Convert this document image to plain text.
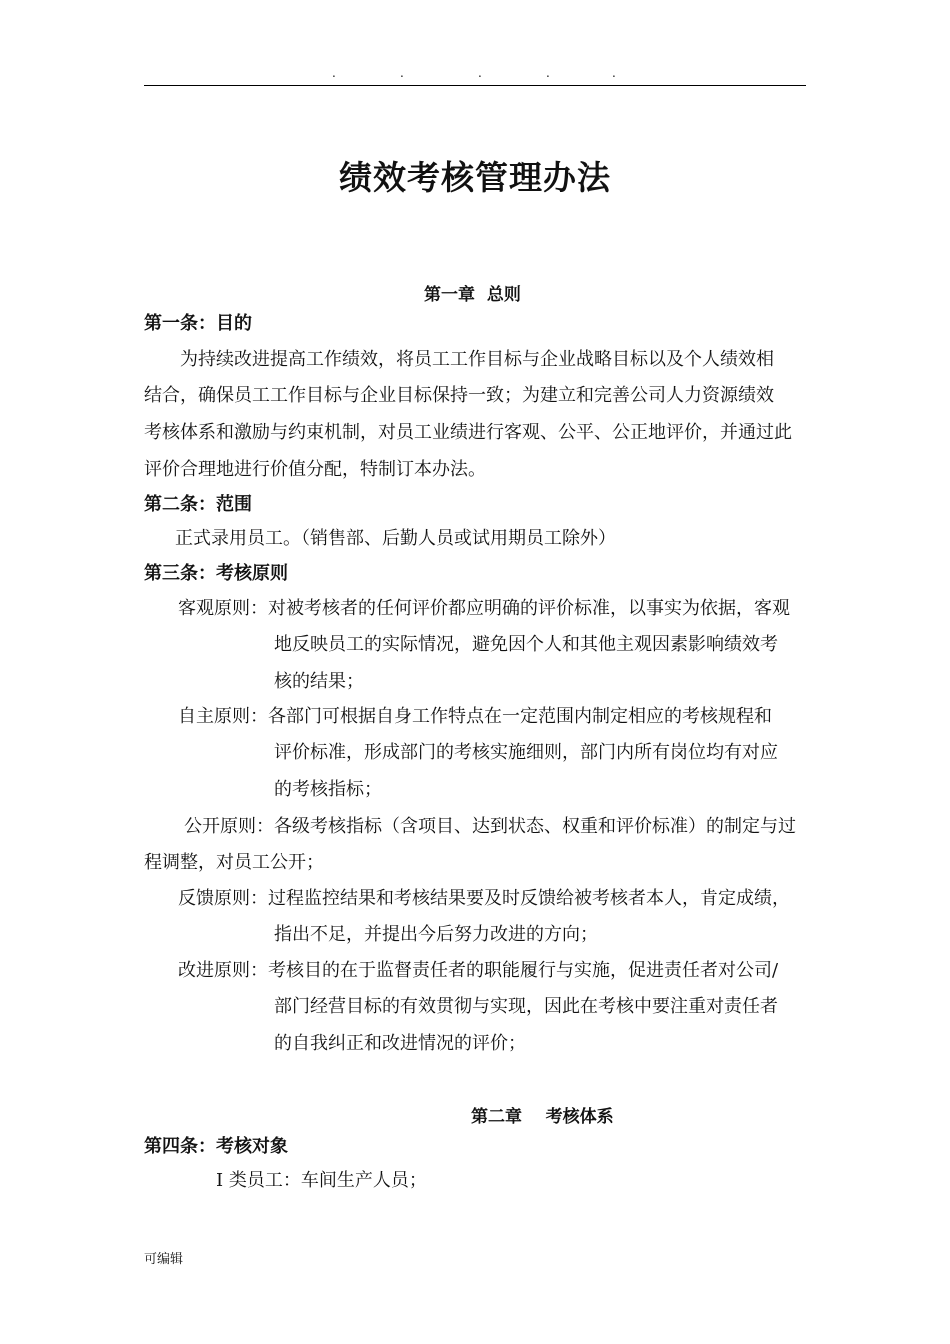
.	.	.	.	.
绩效考核管理办法
第一章  总则
第一条：目的
为持续改进提高工作绩效，将员工工作目标与企业战略目标以及个人绩效相
结合，确保员工工作目标与企业目标保持一致；为建立和完善公司人力资源绩效
考核体系和激励与约束机制，对员工业绩进行客观、公平、公正地评价，并通过此
评价合理地进行价值分配，特制订本办法。
第二条：范围
正式录用员工。（销售部、后勤人员或试用期员工除外）
第三条：考核原则
客观原则：对被考核者的任何评价都应明确的评价标准，以事实为依据，客观
地反映员工的实际情况，避免因个人和其他主观因素影响绩效考
核的结果；
自主原则：各部门可根据自身工作特点在一定范围内制定相应的考核规程和
评价标准，形成部门的考核实施细则，部门内所有岗位均有对应
的考核指标；
公开原则：各级考核指标（含项目、达到状态、权重和评价标准）的制定与过
程调整，对员工公开；
反馈原则：过程监控结果和考核结果要及时反馈给被考核者本人，肯定成绩，
指出不足，并提出今后努力改进的方向；
改进原则：考核目的在于监督责任者的职能履行与实施，促进责任者对公司/
部门经营目标的有效贯彻与实现，因此在考核中要注重对责任者
的自我纠正和改进情况的评价；
第二章    考核体系
第四条：考核对象
Ⅰ 类员工：车间生产人员；
可编辑
